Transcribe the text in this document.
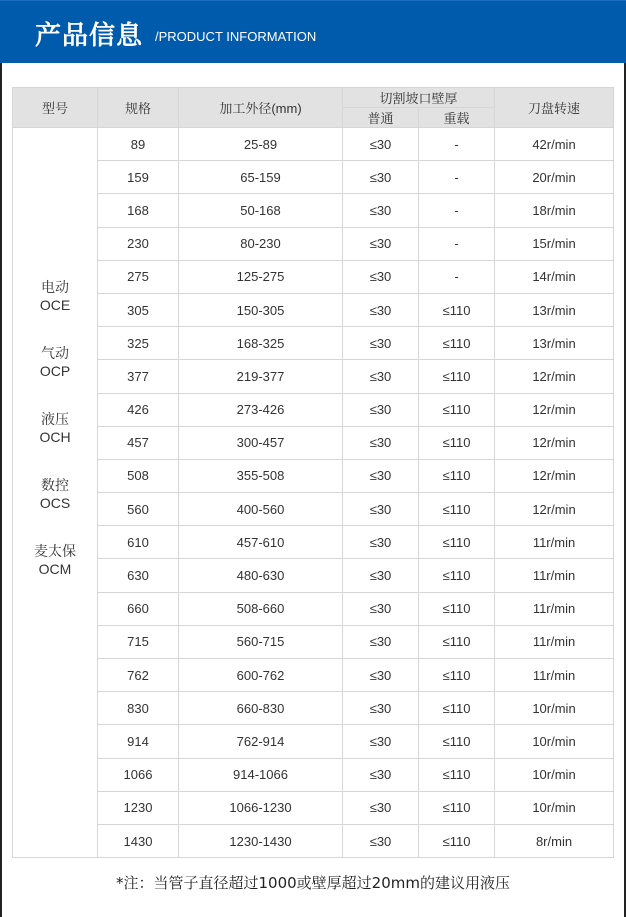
产品信息 /PRODUCT INFORMATION
型号	规格	加工外径(mm)	切割坡口壁厚		刀盘转速
			普通	重载	

电动
OCE
气动
OCP
液压
OCH
数控
OCS
麦太保
OCM
	89	25-89	≤30	-	42r/min
	159	65-159	≤30	-	20r/min
	168	50-168	≤30	-	18r/min
	230	80-230	≤30	-	15r/min
	275	125-275	≤30	-	14r/min
	305	150-305	≤30	≤110	13r/min
	325	168-325	≤30	≤110	13r/min
	377	219-377	≤30	≤110	12r/min
	426	273-426	≤30	≤110	12r/min
	457	300-457	≤30	≤110	12r/min
	508	355-508	≤30	≤110	12r/min
	560	400-560	≤30	≤110	12r/min
	610	457-610	≤30	≤110	11r/min
	630	480-630	≤30	≤110	11r/min
	660	508-660	≤30	≤110	11r/min
	715	560-715	≤30	≤110	11r/min
	762	600-762	≤30	≤110	11r/min
	830	660-830	≤30	≤110	10r/min
	914	762-914	≤30	≤110	10r/min
	1066	914-1066	≤30	≤110	10r/min
	1230	1066-1230	≤30	≤110	10r/min
	1430	1230-1430	≤30	≤110	8r/min
*注：当管子直径超过1000或壁厚超过20mm的建议用液压
